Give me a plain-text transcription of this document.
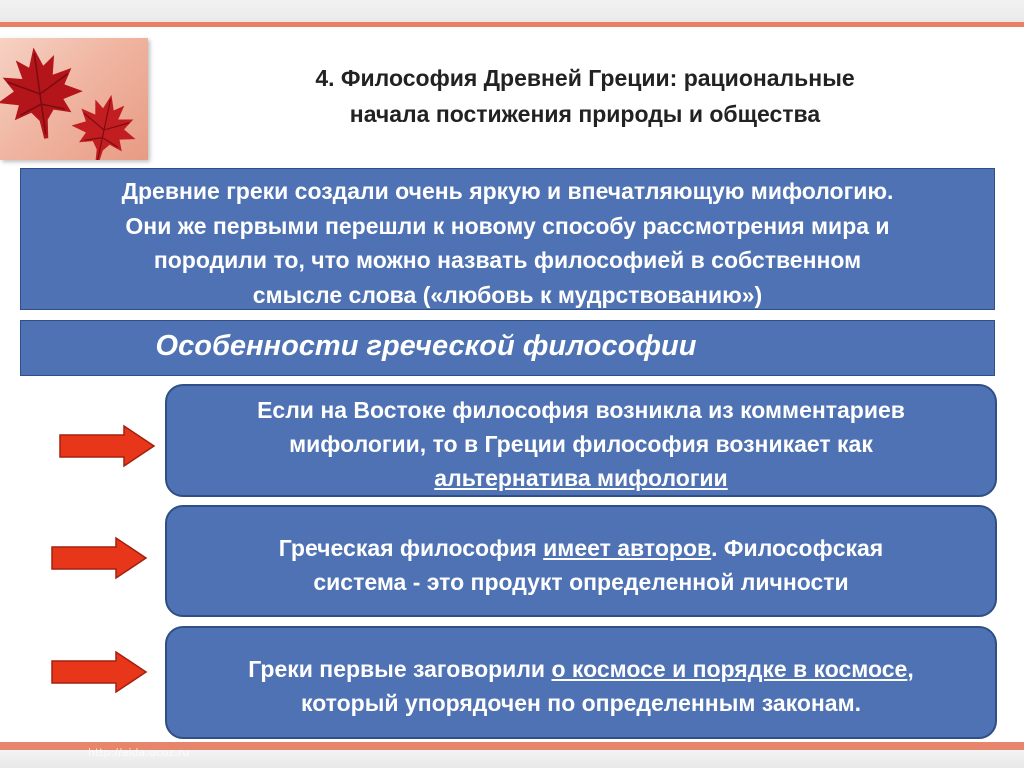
4. Философия Древней Греции: рациональные
начала постижения природы и общества
Древние греки создали очень яркую и впечатляющую мифологию.
Они же первыми перешли к новому способу рассмотрения мира и
породили то, что можно назвать философией в собственном
смысле слова («любовь к мудрствованию»)
Особенности греческой философии
Если на Востоке философия возникла из комментариев
мифологии, то в Греции философия возникает как
альтернатива мифологии
Греческая философия имеет авторов. Философская
система - это продукт определенной личности
Греки первые заговорили о космосе и порядке в космосе,
который упорядочен по определенным законам.
http://aida.ucoz.ru
